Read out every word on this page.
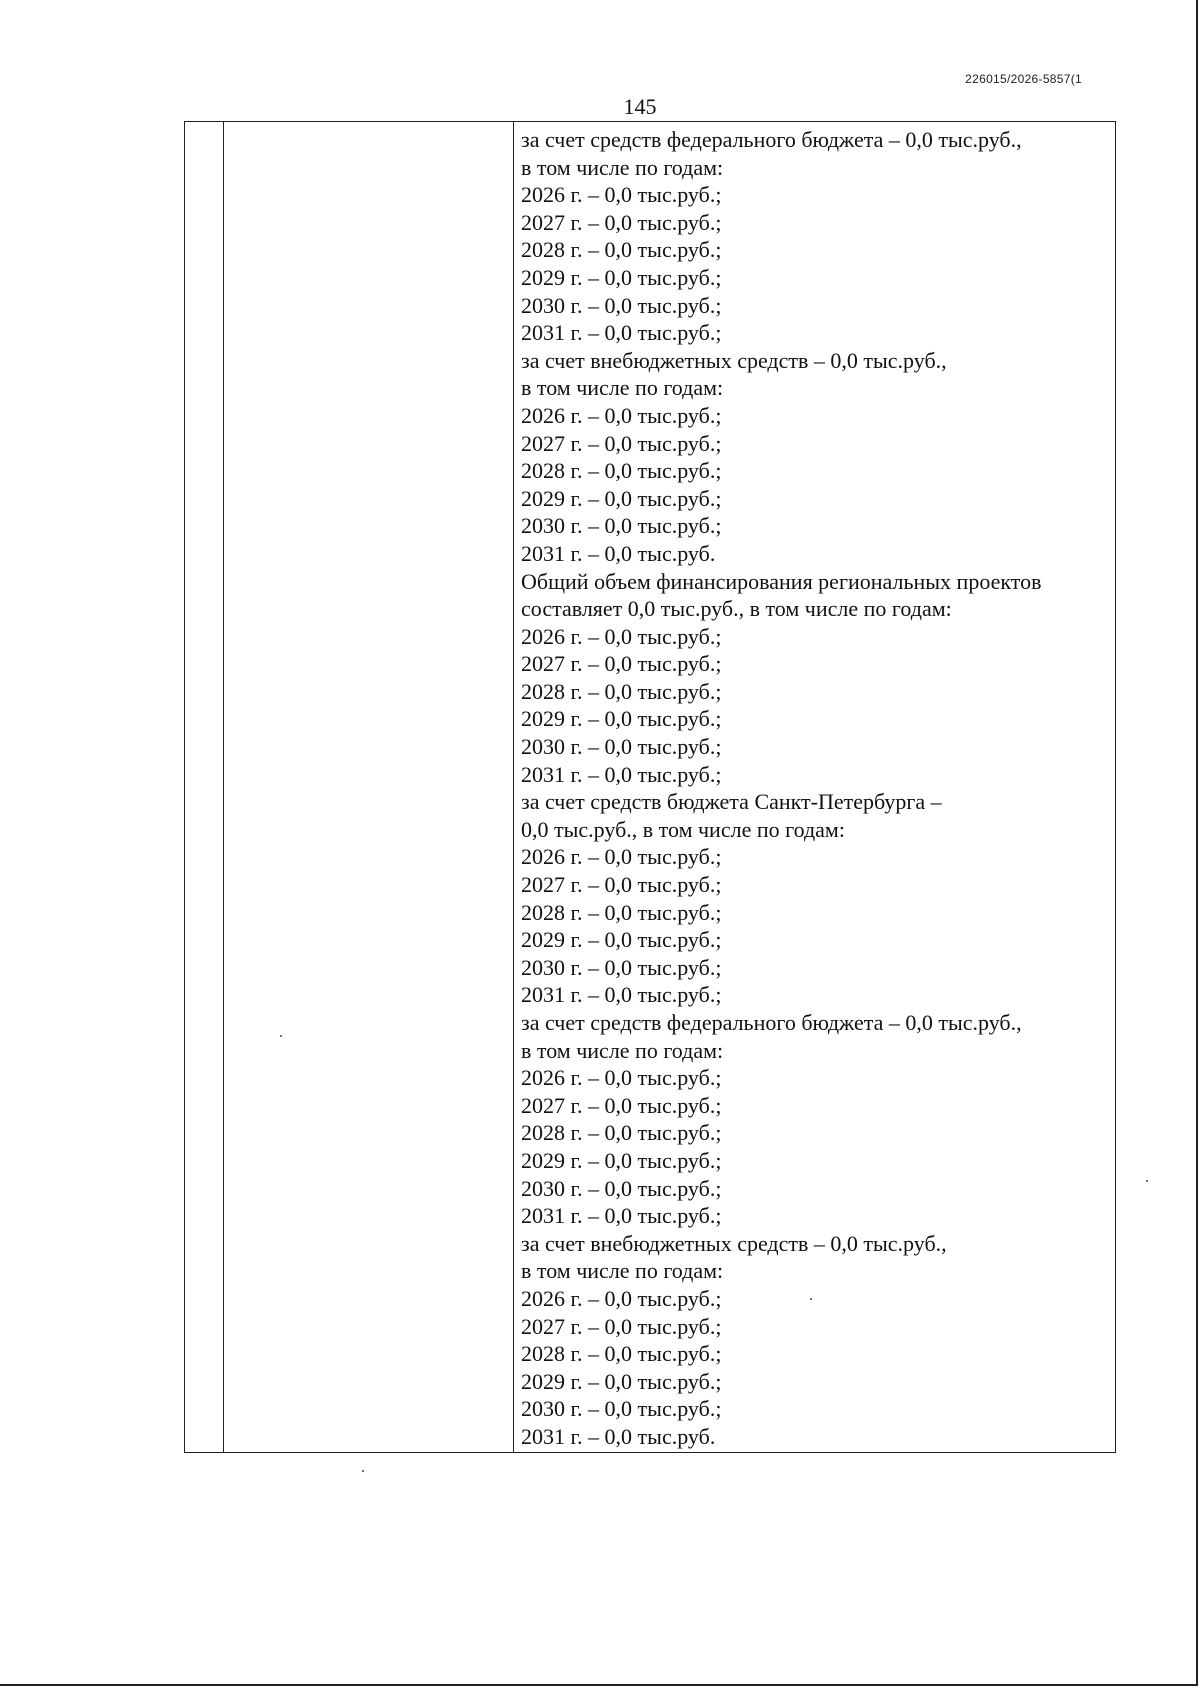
226015/2026-5857(1
145
за счет средств федерального бюджета – 0,0 тыс.руб.,
в том числе по годам:
2026 г. – 0,0 тыс.руб.;
2027 г. – 0,0 тыс.руб.;
2028 г. – 0,0 тыс.руб.;
2029 г. – 0,0 тыс.руб.;
2030 г. – 0,0 тыс.руб.;
2031 г. – 0,0 тыс.руб.;
за счет внебюджетных средств – 0,0 тыс.руб.,
в том числе по годам:
2026 г. – 0,0 тыс.руб.;
2027 г. – 0,0 тыс.руб.;
2028 г. – 0,0 тыс.руб.;
2029 г. – 0,0 тыс.руб.;
2030 г. – 0,0 тыс.руб.;
2031 г. – 0,0 тыс.руб.
Общий объем финансирования региональных проектов
составляет 0,0 тыс.руб., в том числе по годам:
2026 г. – 0,0 тыс.руб.;
2027 г. – 0,0 тыс.руб.;
2028 г. – 0,0 тыс.руб.;
2029 г. – 0,0 тыс.руб.;
2030 г. – 0,0 тыс.руб.;
2031 г. – 0,0 тыс.руб.;
за счет средств бюджета Санкт-Петербурга –
0,0 тыс.руб., в том числе по годам:
2026 г. – 0,0 тыс.руб.;
2027 г. – 0,0 тыс.руб.;
2028 г. – 0,0 тыс.руб.;
2029 г. – 0,0 тыс.руб.;
2030 г. – 0,0 тыс.руб.;
2031 г. – 0,0 тыс.руб.;
за счет средств федерального бюджета – 0,0 тыс.руб.,
в том числе по годам:
2026 г. – 0,0 тыс.руб.;
2027 г. – 0,0 тыс.руб.;
2028 г. – 0,0 тыс.руб.;
2029 г. – 0,0 тыс.руб.;
2030 г. – 0,0 тыс.руб.;
2031 г. – 0,0 тыс.руб.;
за счет внебюджетных средств – 0,0 тыс.руб.,
в том числе по годам:
2026 г. – 0,0 тыс.руб.;
2027 г. – 0,0 тыс.руб.;
2028 г. – 0,0 тыс.руб.;
2029 г. – 0,0 тыс.руб.;
2030 г. – 0,0 тыс.руб.;
2031 г. – 0,0 тыс.руб.
